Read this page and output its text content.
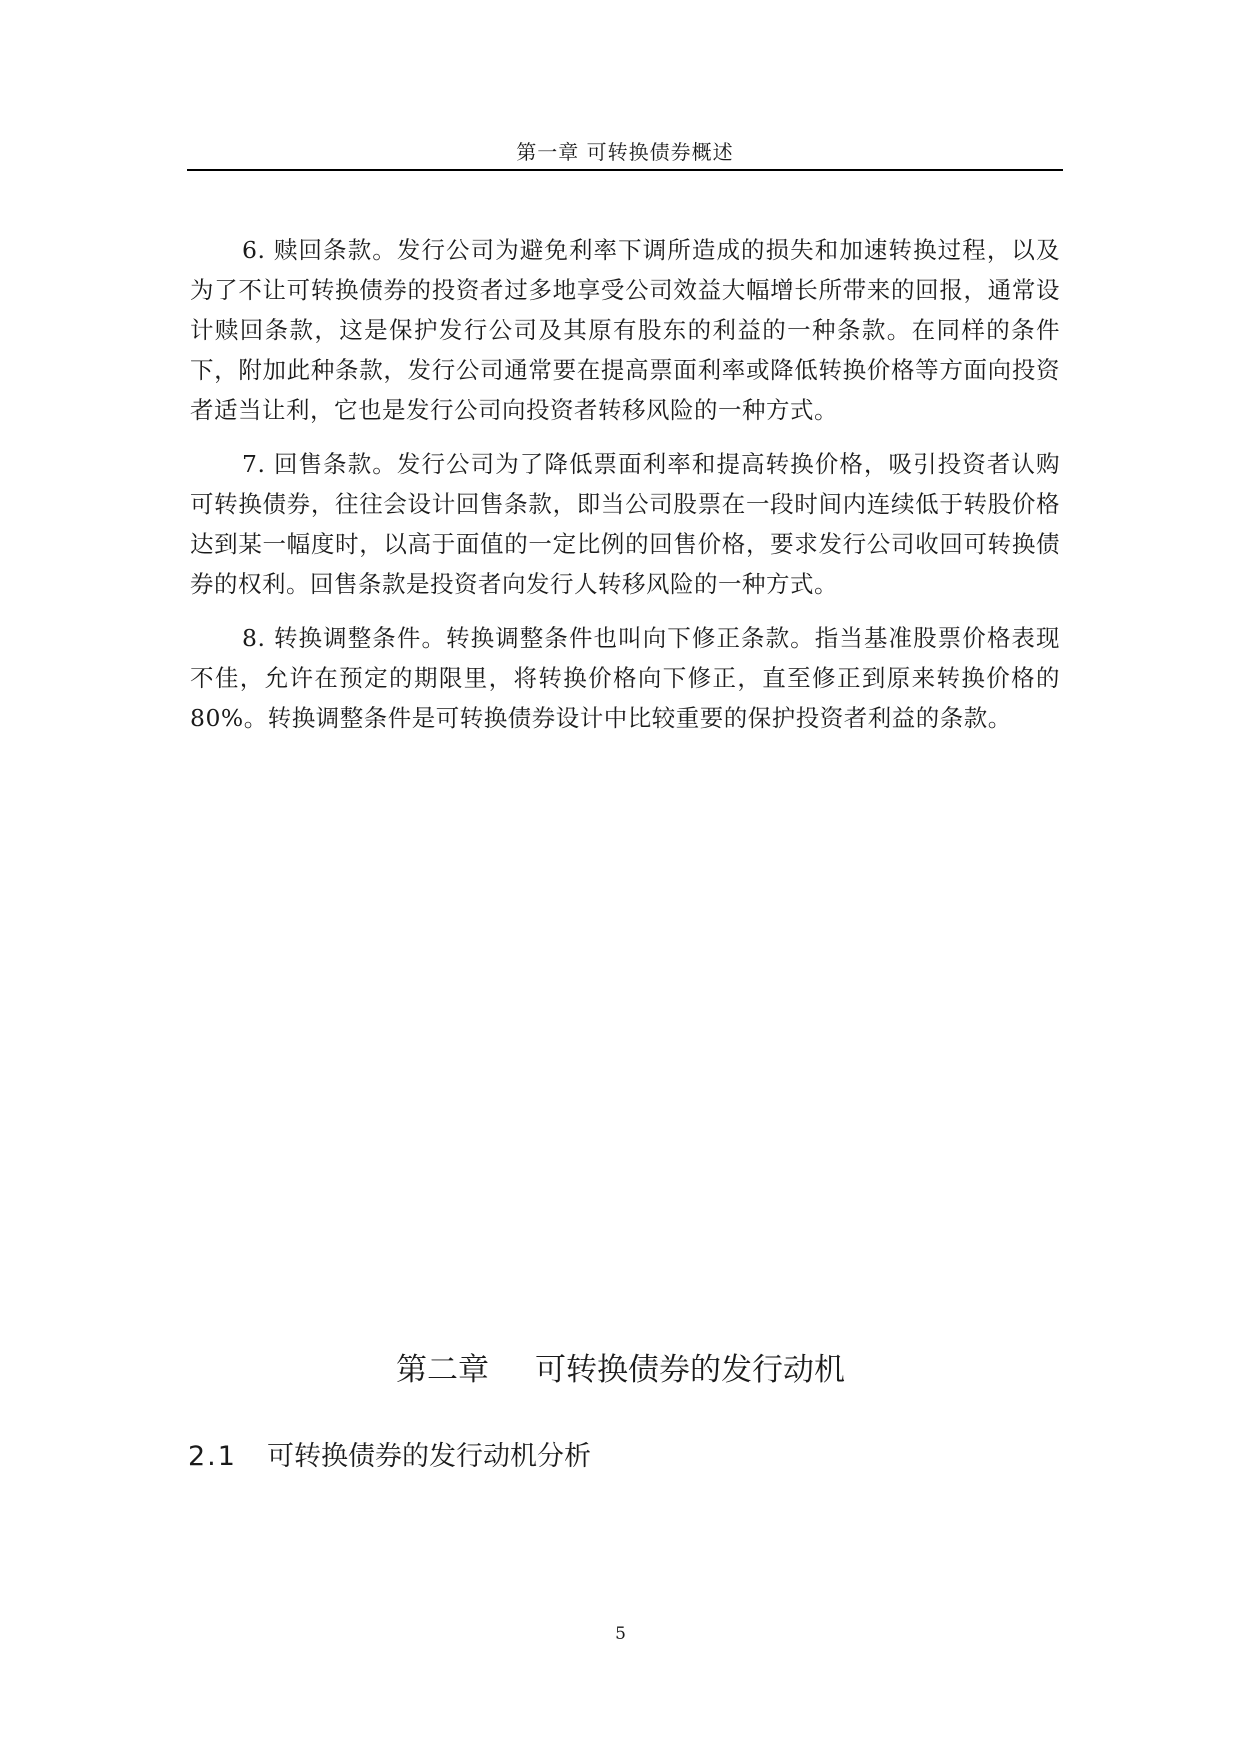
第一章 可转换债券概述

6. 赎回条款。发行公司为避免利率下调所造成的损失和加速转换过程，以及为了不让可转换债券的投资者过多地享受公司效益大幅增长所带来的回报，通常设计赎回条款，这是保护发行公司及其原有股东的利益的一种条款。在同样的条件下，附加此种条款，发行公司通常要在提高票面利率或降低转换价格等方面向投资者适当让利，它也是发行公司向投资者转移风险的一种方式。

7. 回售条款。发行公司为了降低票面利率和提高转换价格，吸引投资者认购可转换债券，往往会设计回售条款，即当公司股票在一段时间内连续低于转股价格达到某一幅度时，以高于面值的一定比例的回售价格，要求发行公司收回可转换债券的权利。回售条款是投资者向发行人转移风险的一种方式。

8. 转换调整条件。转换调整条件也叫向下修正条款。指当基准股票价格表现不佳，允许在预定的期限里，将转换价格向下修正，直至修正到原来转换价格的80%。转换调整条件是可转换债券设计中比较重要的保护投资者利益的条款。

第二章 可转换债券的发行动机
2.1 可转换债券的发行动机分析
5
